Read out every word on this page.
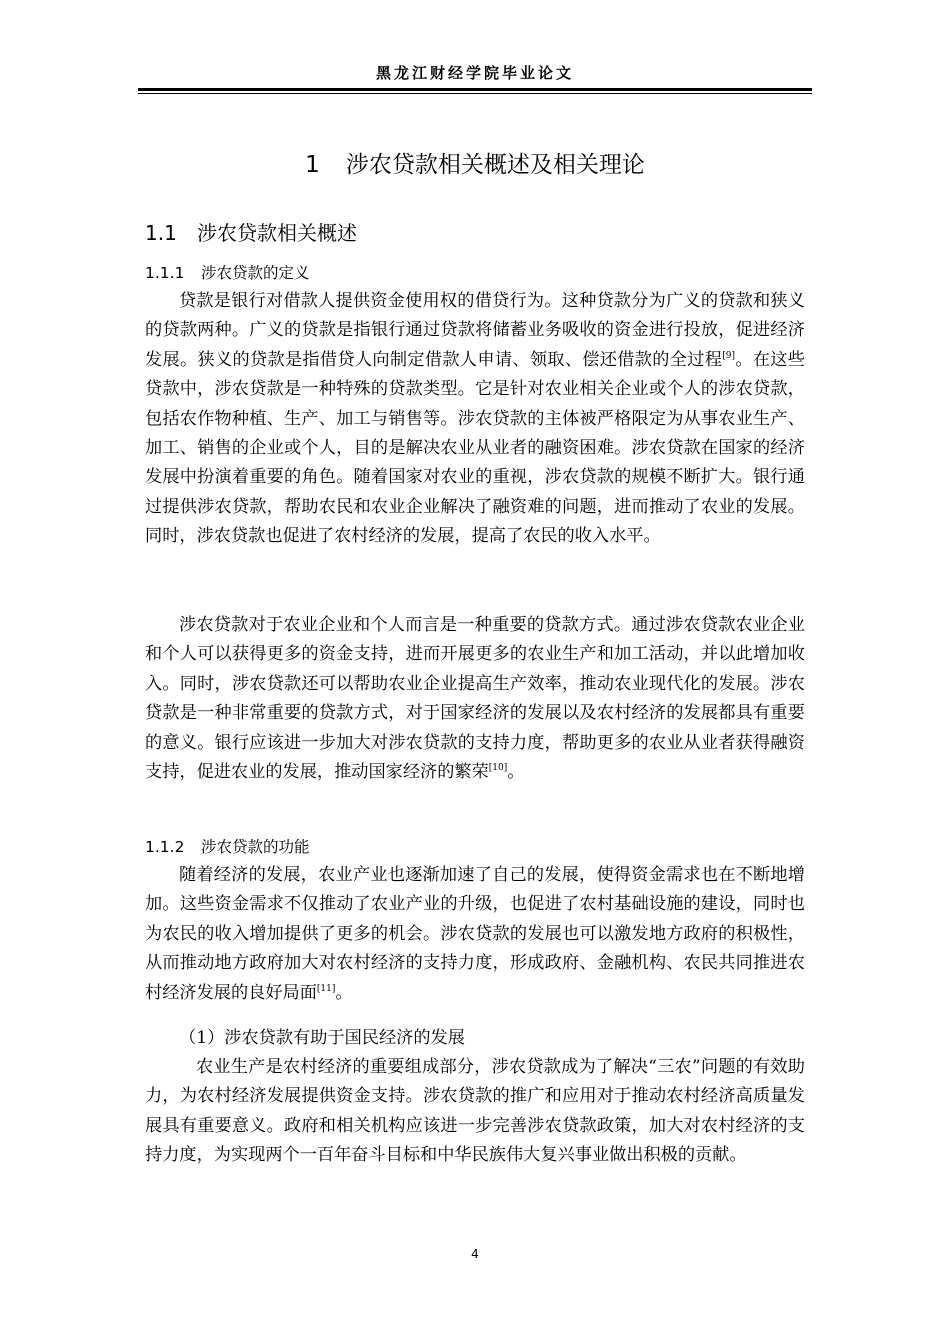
黑龙江财经学院毕业论文
1 涉农贷款相关概述及相关理论
1.1 涉农贷款相关概述
1.1.1 涉农贷款的定义

贷款是银行对借款人提供资金使用权的借贷行为。这种贷款分为广义的贷款和狭义的贷款两种。广义的贷款是指银行通过贷款将储蓄业务吸收的资金进行投放，促进经济发展。狭义的贷款是指借贷人向制定借款人申请、领取、偿还借款的全过程[9]。在这些贷款中，涉农贷款是一种特殊的贷款类型。它是针对农业相关企业或个人的涉农贷款，包括农作物种植、生产、加工与销售等。涉农贷款的主体被严格限定为从事农业生产、加工、销售的企业或个人，目的是解决农业从业者的融资困难。涉农贷款在国家的经济发展中扮演着重要的角色。随着国家对农业的重视，涉农贷款的规模不断扩大。银行通过提供涉农贷款，帮助农民和农业企业解决了融资难的问题，进而推动了农业的发展。同时，涉农贷款也促进了农村经济的发展，提高了农民的收入水平。

涉农贷款对于农业企业和个人而言是一种重要的贷款方式。通过涉农贷款农业企业和个人可以获得更多的资金支持，进而开展更多的农业生产和加工活动，并以此增加收入。同时，涉农贷款还可以帮助农业企业提高生产效率，推动农业现代化的发展。涉农贷款是一种非常重要的贷款方式，对于国家经济的发展以及农村经济的发展都具有重要的意义。银行应该进一步加大对涉农贷款的支持力度，帮助更多的农业从业者获得融资支持，促进农业的发展，推动国家经济的繁荣[10]。

1.1.2 涉农贷款的功能

随着经济的发展，农业产业也逐渐加速了自己的发展，使得资金需求也在不断地增加。这些资金需求不仅推动了农业产业的升级，也促进了农村基础设施的建设，同时也为农民的收入增加提供了更多的机会。涉农贷款的发展也可以激发地方政府的积极性，从而推动地方政府加大对农村经济的支持力度，形成政府、金融机构、农民共同推进农村经济发展的良好局面[11]。

（1）涉农贷款有助于国民经济的发展

农业生产是农村经济的重要组成部分，涉农贷款成为了解决“三农”问题的有效助力，为农村经济发展提供资金支持。涉农贷款的推广和应用对于推动农村经济高质量发展具有重要意义。政府和相关机构应该进一步完善涉农贷款政策，加大对农村经济的支持力度，为实现两个一百年奋斗目标和中华民族伟大复兴事业做出积极的贡献。

4
